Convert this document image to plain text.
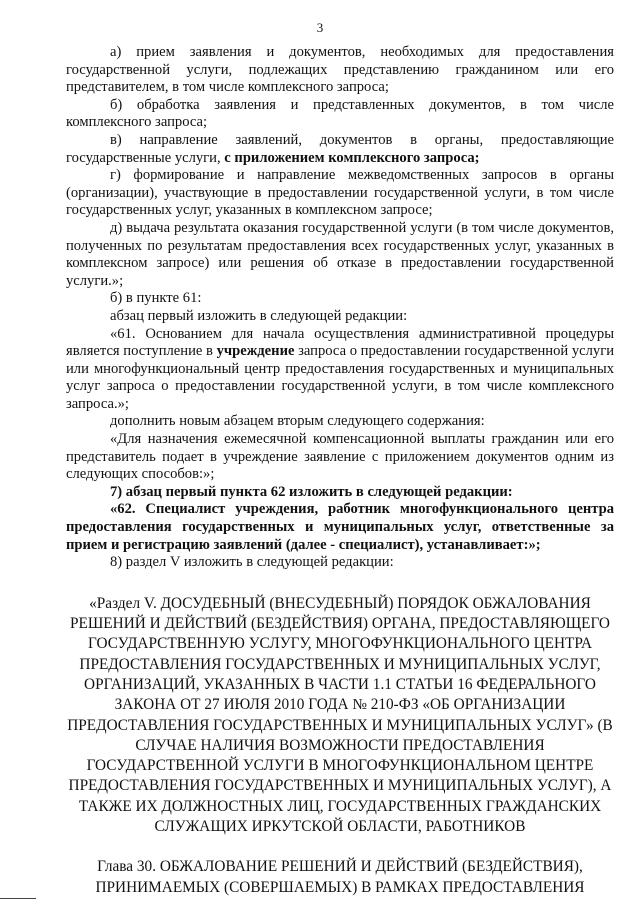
3

а) прием заявления и документов, необходимых для предоставления государственной услуги, подлежащих представлению гражданином или его представителем, в том числе комплексного запроса;

б) обработка заявления и представленных документов, в том числе комплексного запроса;

в) направление заявлений, документов в органы, предоставляющие государственные услуги, с приложением комплексного запроса;

г) формирование и направление межведомственных запросов в органы (организации), участвующие в предоставлении государственной услуги, в том числе государственных услуг, указанных в комплексном запросе;

д) выдача результата оказания государственной услуги (в том числе документов, полученных по результатам предоставления всех государственных услуг, указанных в комплексном запросе) или решения об отказе в предоставлении государственной услуги.»;

б) в пункте 61:

абзац первый изложить в следующей редакции:

«61. Основанием для начала осуществления административной процедуры является поступление в учреждение запроса о предоставлении государственной услуги или многофункциональный центр предоставления государственных и муниципальных услуг запроса о предоставлении государственной услуги, в том числе комплексного запроса.»;

дополнить новым абзацем вторым следующего содержания:

«Для назначения ежемесячной компенсационной выплаты гражданин или его представитель подает в учреждение заявление с приложением документов одним из следующих способов:»;

7) абзац первый пункта 62 изложить в следующей редакции:

«62. Специалист учреждения, работник многофункционального центра предоставления государственных и муниципальных услуг, ответственные за прием и регистрацию заявлений (далее - специалист), устанавливает:»;

8) раздел V изложить в следующей редакции:

«Раздел V. ДОСУДЕБНЫЙ (ВНЕСУДЕБНЫЙ) ПОРЯДОК ОБЖАЛОВАНИЯ РЕШЕНИЙ И ДЕЙСТВИЙ (БЕЗДЕЙСТВИЯ) ОРГАНА, ПРЕДОСТАВЛЯЮЩЕГО ГОСУДАРСТВЕННУЮ УСЛУГУ, МНОГОФУНКЦИОНАЛЬНОГО ЦЕНТРА ПРЕДОСТАВЛЕНИЯ ГОСУДАРСТВЕННЫХ И МУНИЦИПАЛЬНЫХ УСЛУГ, ОРГАНИЗАЦИЙ, УКАЗАННЫХ В ЧАСТИ 1.1 СТАТЬИ 16 ФЕДЕРАЛЬНОГО ЗАКОНА ОТ 27 ИЮЛЯ 2010 ГОДА № 210-ФЗ «ОБ ОРГАНИЗАЦИИ ПРЕДОСТАВЛЕНИЯ ГОСУДАРСТВЕННЫХ И МУНИЦИПАЛЬНЫХ УСЛУГ» (В СЛУЧАЕ НАЛИЧИЯ ВОЗМОЖНОСТИ ПРЕДОСТАВЛЕНИЯ ГОСУДАРСТВЕННОЙ УСЛУГИ В МНОГОФУНКЦИОНАЛЬНОМ ЦЕНТРЕ ПРЕДОСТАВЛЕНИЯ ГОСУДАРСТВЕННЫХ И МУНИЦИПАЛЬНЫХ УСЛУГ), А ТАКЖЕ ИХ ДОЛЖНОСТНЫХ ЛИЦ, ГОСУДАРСТВЕННЫХ ГРАЖДАНСКИХ СЛУЖАЩИХ ИРКУТСКОЙ ОБЛАСТИ, РАБОТНИКОВ

Глава 30. ОБЖАЛОВАНИЕ РЕШЕНИЙ И ДЕЙСТВИЙ (БЕЗДЕЙСТВИЯ), ПРИНИМАЕМЫХ (СОВЕРШАЕМЫХ) В РАМКАХ ПРЕДОСТАВЛЕНИЯ
